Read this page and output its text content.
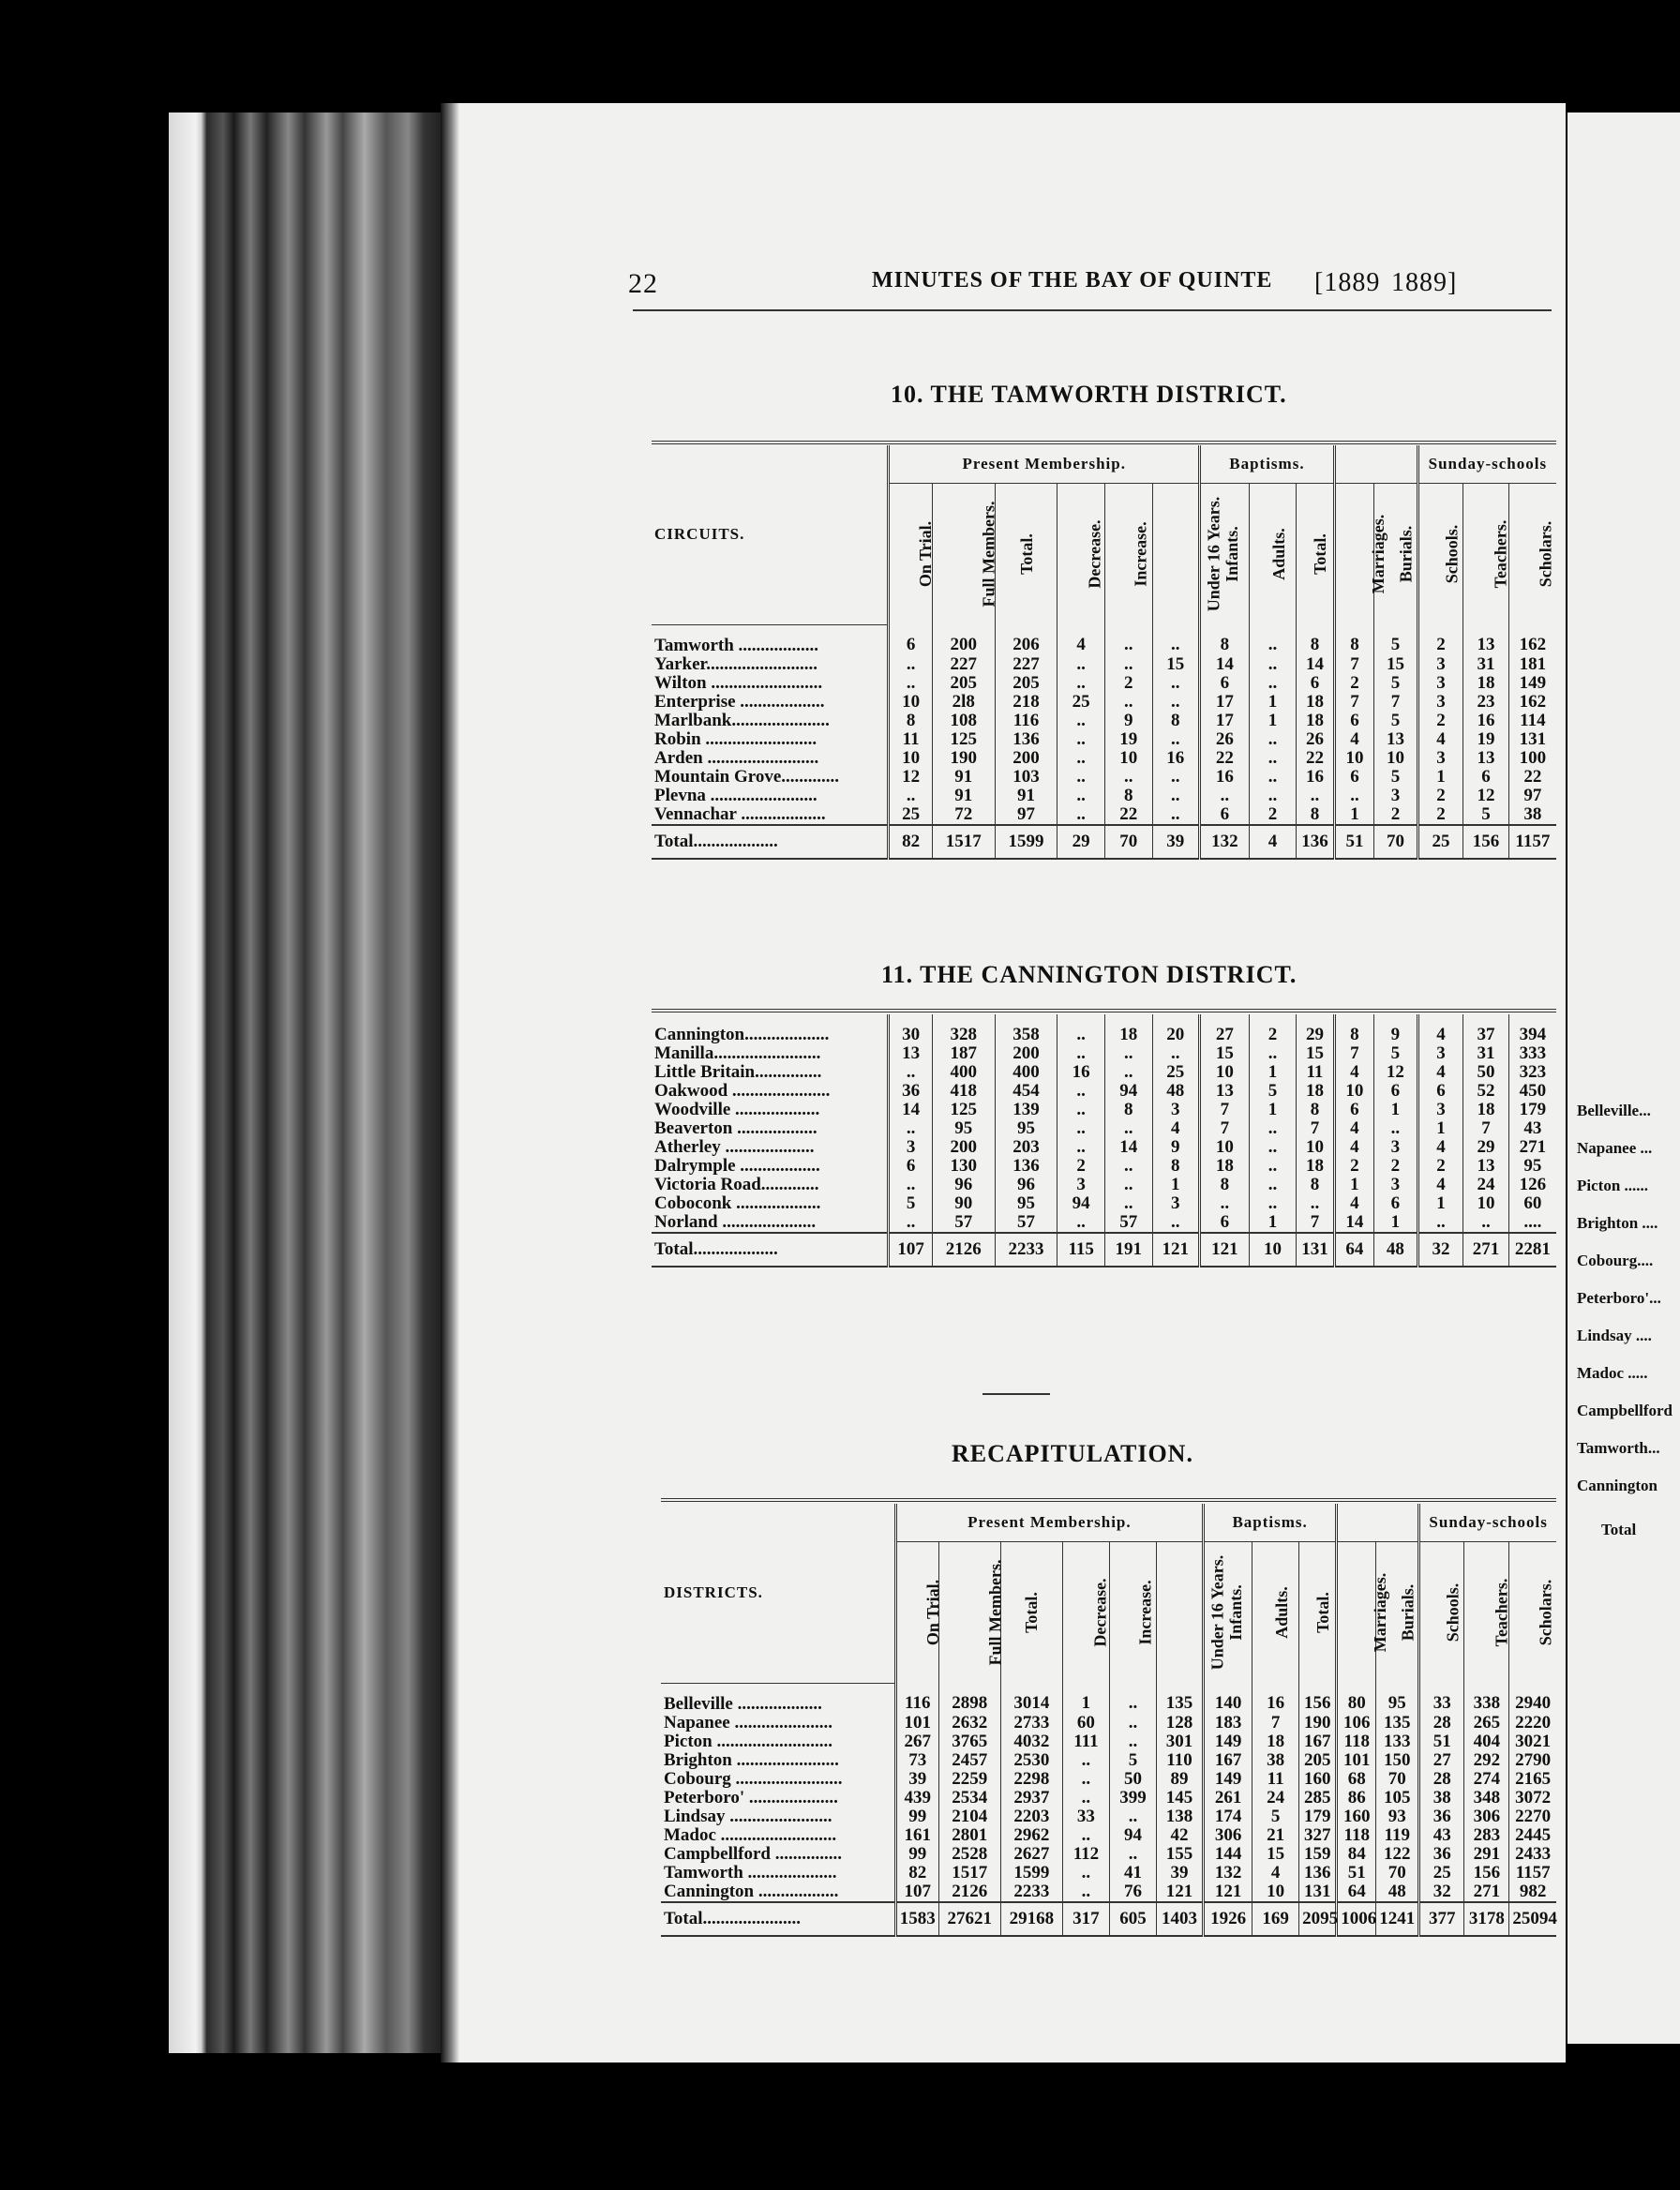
22	MINUTES OF THE BAY OF QUINTE [1889 1889]
10. THE TAMWORTH DISTRICT.
CIRCUITS.	Present Membership.						Baptisms.					Sunday-schools		
	On Trial.	Full Members.	Total.	Decrease.	Increase.	Under 16 Years.	Infants.	Adults.	Total.	Marriages.	Burials.	Schools.	Teachers.	Scholars.
Tamworth ..................	6	200	206	4	..	..	8	..	8	8	5	2	13	162
Yarker.........................	..	227	227	..	..	15	14	..	14	7	15	3	31	181
Wilton .........................	..	205	205	..	2	..	6	..	6	2	5	3	18	149
Enterprise ...................	10	2l8	218	25	..	..	17	1	18	7	7	3	23	162
Marlbank......................	8	108	116	..	9	8	17	1	18	6	5	2	16	114
Robin .........................	11	125	136	..	19	..	26	..	26	4	13	4	19	131
Arden .........................	10	190	200	..	10	16	22	..	22	10	10	3	13	100
Mountain Grove.............	12	91	103	..	..	..	16	..	16	6	5	1	6	22
Plevna ........................	..	91	91	..	8	..	..	..	..	..	3	2	12	97
Vennachar ...................	25	72	97	..	22	..	6	2	8	1	2	2	5	38
Total...................	82	1517	1599	29	70	39	132	4	136	51	70	25	156	1157
11. THE CANNINGTON DISTRICT.
Cannington...................	30	328	358	..	18	20	27	2	29	8	9	4	37	394
Manilla........................	13	187	200	..	..	..	15	..	15	7	5	3	31	333
Little Britain...............	..	400	400	16	..	25	10	1	11	4	12	4	50	323
Oakwood ......................	36	418	454	..	94	48	13	5	18	10	6	6	52	450
Woodville ...................	14	125	139	..	8	3	7	1	8	6	1	3	18	179
Beaverton ..................	..	95	95	..	..	4	7	..	7	4	..	1	7	43
Atherley ....................	3	200	203	..	14	9	10	..	10	4	3	4	29	271
Dalrymple ..................	6	130	136	2	..	8	18	..	18	2	2	2	13	95
Victoria Road.............	..	96	96	3	..	1	8	..	8	1	3	4	24	126
Coboconk ...................	5	90	95	94	..	3	..	..	..	4	6	1	10	60
Norland .....................	..	57	57	..	57	..	6	1	7	14	1	..	..	....
Total...................	107	2126	2233	115	191	121	121	10	131	64	48	32	271	2281
RECAPITULATION.
DISTRICTS.	Present Membership.						Baptisms.					Sunday-schools		
	On Trial.	Full Members.	Total.	Decrease.	Increase.	Under 16 Years.	Infants.	Adults.	Total.	Marriages.	Burials.	Schools.	Teachers.	Scholars.
Belleville ...................	116	2898	3014	1	..	135	140	16	156	80	95	33	338	2940
Napanee ......................	101	2632	2733	60	..	128	183	7	190	106	135	28	265	2220
Picton ..........................	267	3765	4032	111	..	301	149	18	167	118	133	51	404	3021
Brighton .......................	73	2457	2530	..	5	110	167	38	205	101	150	27	292	2790
Cobourg ........................	39	2259	2298	..	50	89	149	11	160	68	70	28	274	2165
Peterboro' ....................	439	2534	2937	..	399	145	261	24	285	86	105	38	348	3072
Lindsay .......................	99	2104	2203	33	..	138	174	5	179	160	93	36	306	2270
Madoc ..........................	161	2801	2962	..	94	42	306	21	327	118	119	43	283	2445
Campbellford ...............	99	2528	2627	112	..	155	144	15	159	84	122	36	291	2433
Tamworth ....................	82	1517	1599	..	41	39	132	4	136	51	70	25	156	1157
Cannington ..................	107	2126	2233	..	76	121	121	10	131	64	48	32	271	982
Total......................	1583	27621	29168	317	605	1403	1926	169	2095	1006	1241	377	3178	25094
Belleville...
Napanee ...
Picton ......
Brighton ....
Cobourg....
Peterboro'...
Lindsay ....
Madoc .....
Campbellford
Tamworth...
Cannington
Total
